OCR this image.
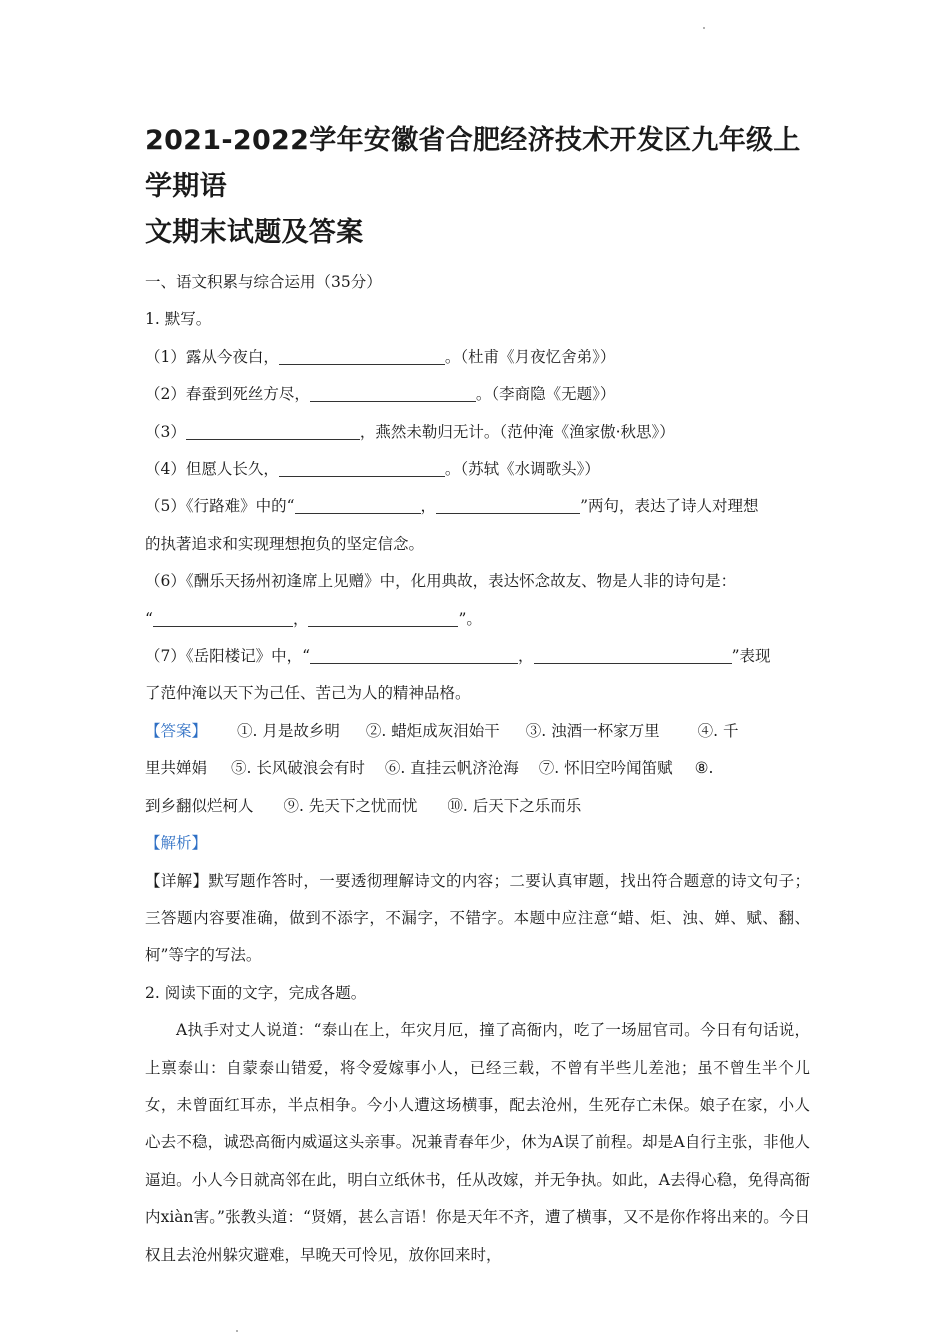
2021-2022学年安徽省合肥经济技术开发区九年级上学期语
文期末试题及答案
一、语文积累与综合运用（35分）
1. 默写。
（1）露从今夜白，	。（杜甫《月夜忆舍弟》）
（2）春蚕到死丝方尽，	。（李商隐《无题》）
（3）	，燕然未勒归无计。（范仲淹《渔家傲·秋思》）
（4）但愿人长久，	。（苏轼《水调歌头》）
（5）《行路难》中的“	，	”两句，表达了诗人对理想
的执著追求和实现理想抱负的坚定信念。
（6）《酬乐天扬州初逢席上见赠》中，化用典故，表达怀念故友、物是人非的诗句是：
“	，	”。
（7）《岳阳楼记》中，“	，	”表现
了范仲淹以天下为己任、苦己为人的精神品格。
【答案】 ①. 月是故乡明 ②. 蜡炬成灰泪始干 ③. 浊酒一杯家万里 ④. 千
里共婵娟 ⑤. 长风破浪会有时 ⑥. 直挂云帆济沧海 ⑦. 怀旧空吟闻笛赋 ⑧.
到乡翻似烂柯人 ⑨. 先天下之忧而忧 ⑩. 后天下之乐而乐
【解析】
【详解】默写题作答时，一要透彻理解诗文的内容；二要认真审题，找出符合题意的诗文句子；三答题内容要准确，做到不添字，不漏字，不错字。本题中应注意“蜡、炬、浊、婵、赋、翻、柯”等字的写法。
2. 阅读下面的文字，完成各题。
A执手对丈人说道：“泰山在上，年灾月厄，撞了高衙内，吃了一场屈官司。今日有句话说，上禀泰山：自蒙泰山错爱，将令爱嫁事小人，已经三载，不曾有半些儿差池；虽不曾生半个儿女，未曾面红耳赤，半点相争。今小人遭这场横事，配去沧州，生死存亡未保。娘子在家，小人心去不稳，诚恐高衙内威逼这头亲事。况兼青春年少，休为A误了前程。却是A自行主张，非他人逼迫。小人今日就高邻在此，明白立纸休书，任从改嫁，并无争执。如此，A去得心稳，免得高衙内xiàn害。”张教头道：“贤婿，甚么言语！你是天年不齐，遭了横事，又不是你作将出来的。今日权且去沧州躲灾避难，早晚天可怜见，放你回来时，
